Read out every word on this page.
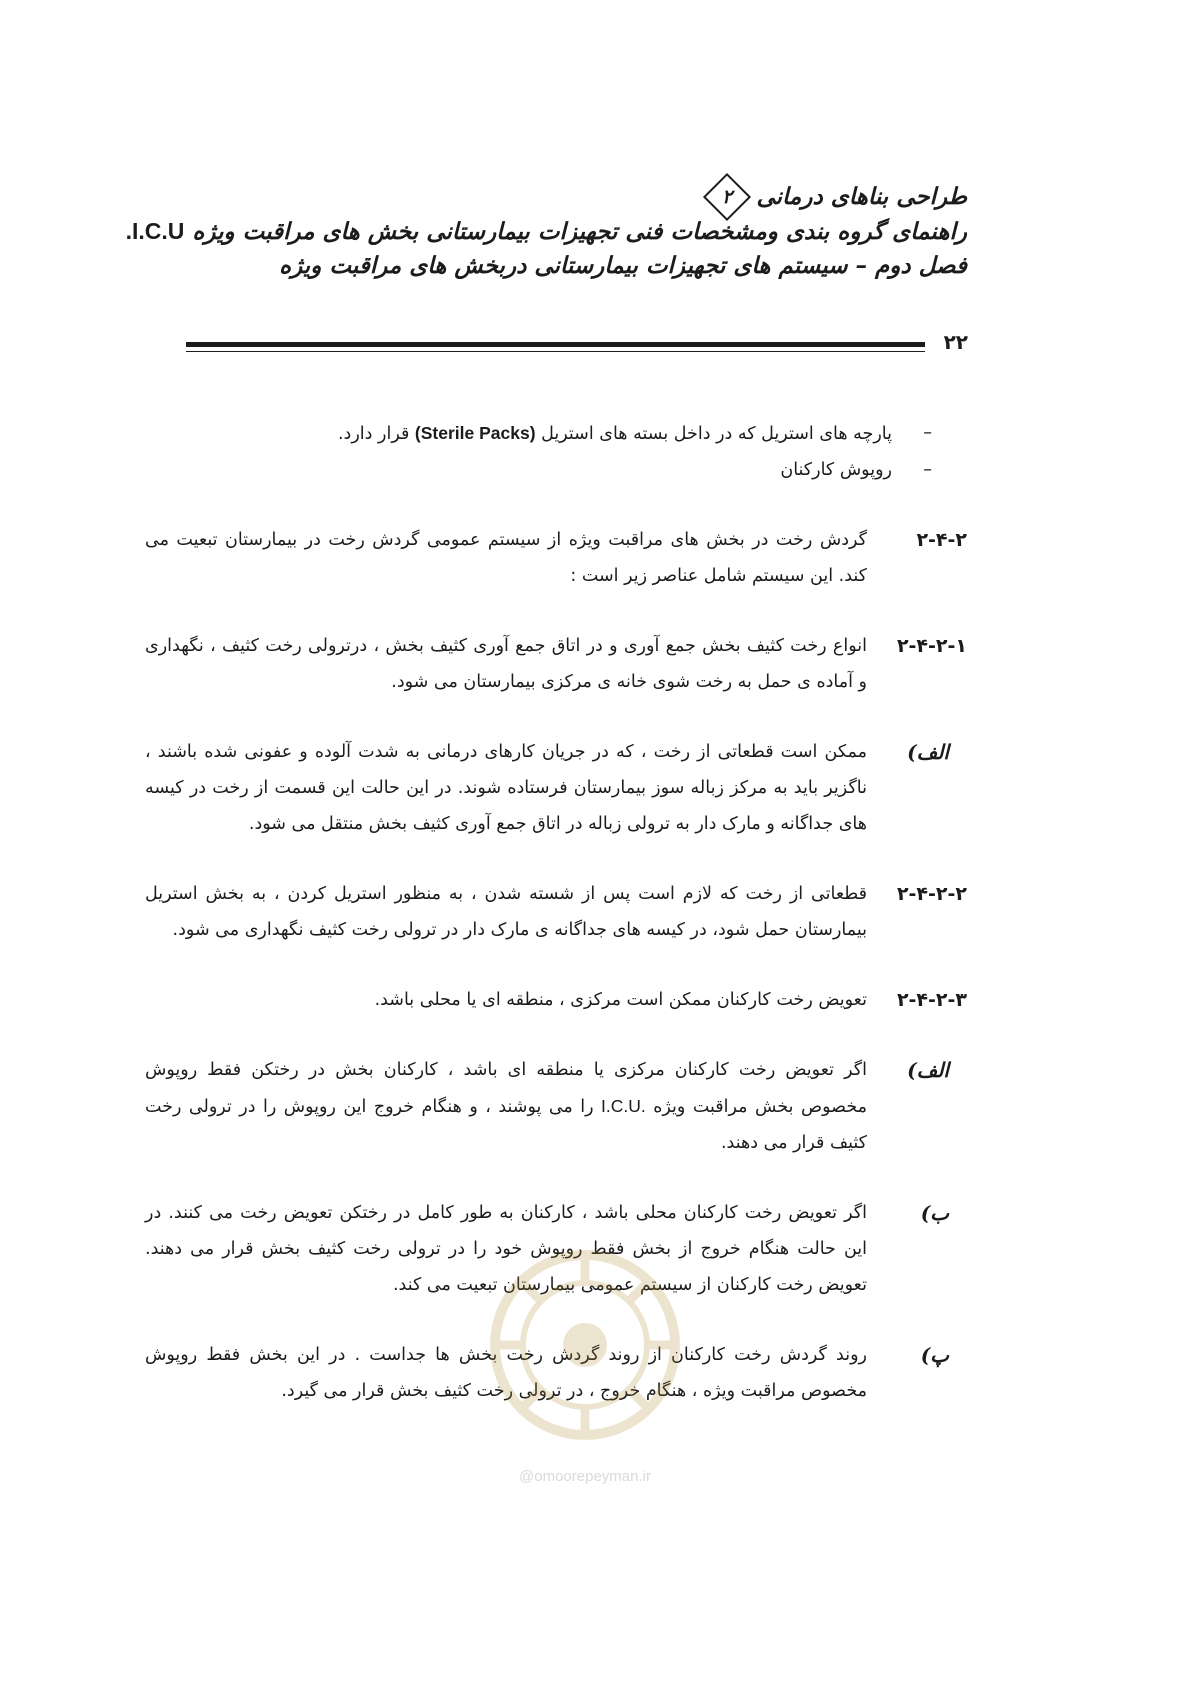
طراحی بناهای درمانی
۲
راهنمای گروه بندی ومشخصات فنی تجهیزات بیمارستانی بخش های مراقبت ویژه .I.C.U
فصل دوم – سیستم های تجهیزات بیمارستانی دربخش های مراقبت ویژه
۲۲
–
پارچه های استریل که در داخل بسته های استریل (Sterile Packs) قرار دارد.
–
روپوش کارکنان
۲-۴-۲
گردش رخت در بخش های مراقبت ویژه از سیستم عمومی گردش رخت در بیمارستان تبعیت می کند. این سیستم شامل عناصر زیر است :
۲-۴-۲-۱
انواع رخت کثیف بخش جمع آوری و در اتاق جمع آوری کثیف بخش ، درترولی رخت کثیف ، نگهداری و آماده ی حمل به رخت شوی خانه ی مرکزی بیمارستان می شود.
الف)
ممکن است قطعاتی از رخت ، که در جریان کارهای درمانی به شدت آلوده و عفونی شده باشند ، ناگزیر باید به مرکز زباله سوز بیمارستان فرستاده شوند. در این حالت این قسمت از رخت در کیسه های جداگانه و مارک دار به ترولی زباله در اتاق جمع آوری کثیف بخش منتقل می شود.
۲-۴-۲-۲
قطعاتی از رخت که لازم است پس از شسته شدن ، به منظور استریل کردن ، به بخش استریل بیمارستان حمل شود، در کیسه های جداگانه ی مارک دار در ترولی رخت کثیف نگهداری می شود.
۲-۴-۲-۳
تعویض رخت کارکنان ممکن است مرکزی ، منطقه ای یا محلی باشد.
الف)
اگر تعویض رخت کارکنان مرکزی یا منطقه ای باشد ، کارکنان بخش در رختکن فقط روپوش مخصوص بخش مراقبت ویژه I.C.U. را می پوشند ، و هنگام خروج این روپوش را در ترولی رخت کثیف قرار می دهند.
ب)
اگر تعویض رخت کارکنان محلی باشد ، کارکنان به طور کامل در رختکن تعویض رخت می کنند. در این حالت هنگام خروج از بخش فقط روپوش خود را در ترولی رخت کثیف بخش قرار می دهند. تعویض رخت کارکنان از سیستم عمومی بیمارستان تبعیت می کند.
پ)
روند گردش رخت کارکنان از روند گردش رخت بخش ها جداست . در این بخش فقط روپوش مخصوص مراقبت ویژه ، هنگام خروج ، در ترولی رخت کثیف بخش قرار می گیرد.
@omoorepeyman.ir
